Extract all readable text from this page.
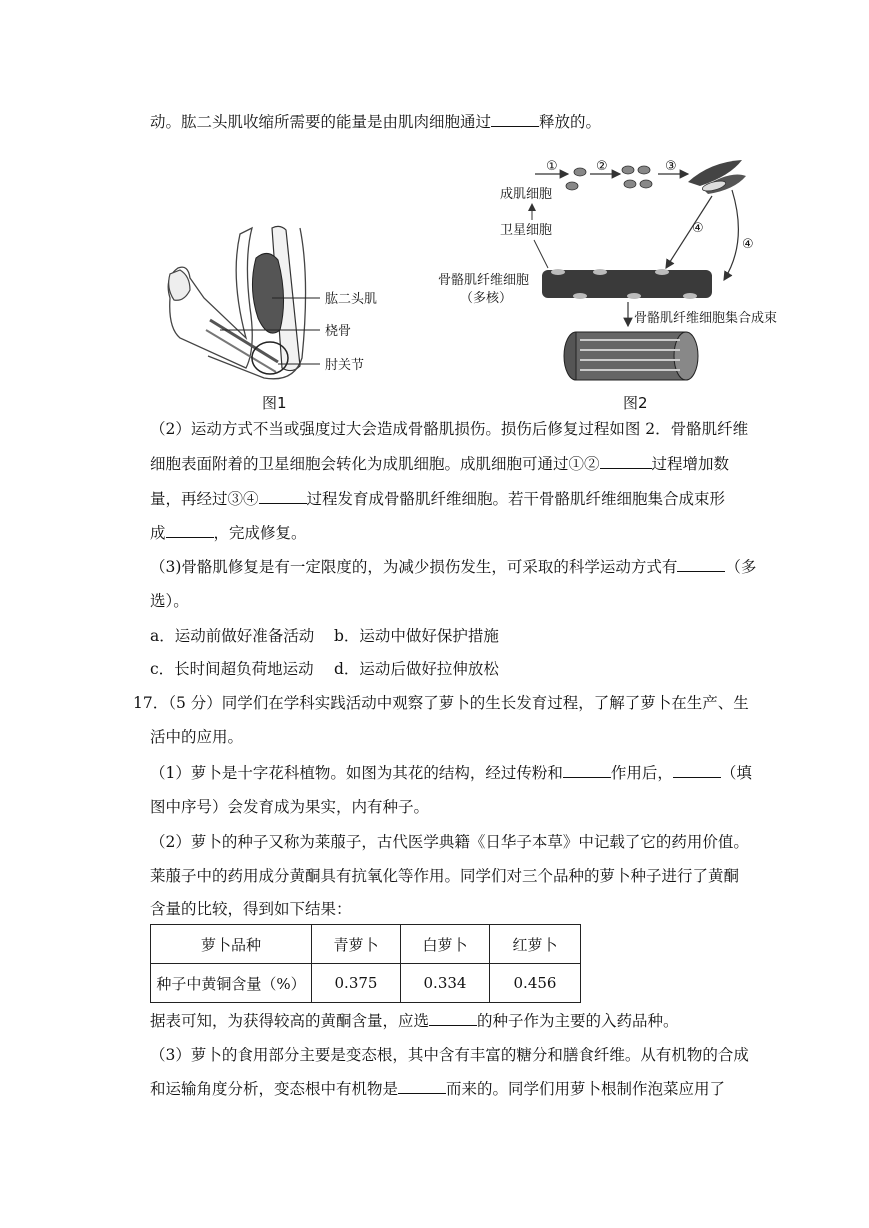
动。肱二头肌收缩所需要的能量是由肌肉细胞通过	释放的。
肱二头肌
桡骨
肘关节
图1
①	②	③
成肌细胞
卫星细胞	④
④
骨骼肌纤维细胞
（多核）
骨骼肌纤维细胞集合成束
图2
（2）运动方式不当或强度过大会造成骨骼肌损伤。损伤后修复过程如图 2．骨骼肌纤维
细胞表面附着的卫星细胞会转化为成肌细胞。成肌细胞可通过①②	过程增加数
量，再经过③④	过程发育成骨骼肌纤维细胞。若干骨骼肌纤维细胞集合成束形
成	，完成修复。
（3)骨骼肌修复是有一定限度的，为减少损伤发生，可采取的科学运动方式有	（多
选）。
a．运动前做好准备活动 b．运动中做好保护措施
c．长时间超负荷地运动 d．运动后做好拉伸放松
17．（5 分）同学们在学科实践活动中观察了萝卜的生长发育过程，了解了萝卜在生产、生
活中的应用。
（1）萝卜是十字花科植物。如图为其花的结构，经过传粉和	作用后，	（填
图中序号）会发育成为果实，内有种子。
（2）萝卜的种子又称为莱菔子，古代医学典籍《日华子本草》中记载了它的药用价值。
莱菔子中的药用成分黄酮具有抗氧化等作用。同学们对三个品种的萝卜种子进行了黄酮
含量的比较，得到如下结果：
萝卜品种	青萝卜	白萝卜	红萝卜
种子中黄铜含量（%）	0.375	0.334	0.456
据表可知，为获得较高的黄酮含量，应选	的种子作为主要的入药品种。
（3）萝卜的食用部分主要是变态根，其中含有丰富的糖分和膳食纤维。从有机物的合成
和运输角度分析，变态根中有机物是	而来的。同学们用萝卜根制作泡菜应用了
